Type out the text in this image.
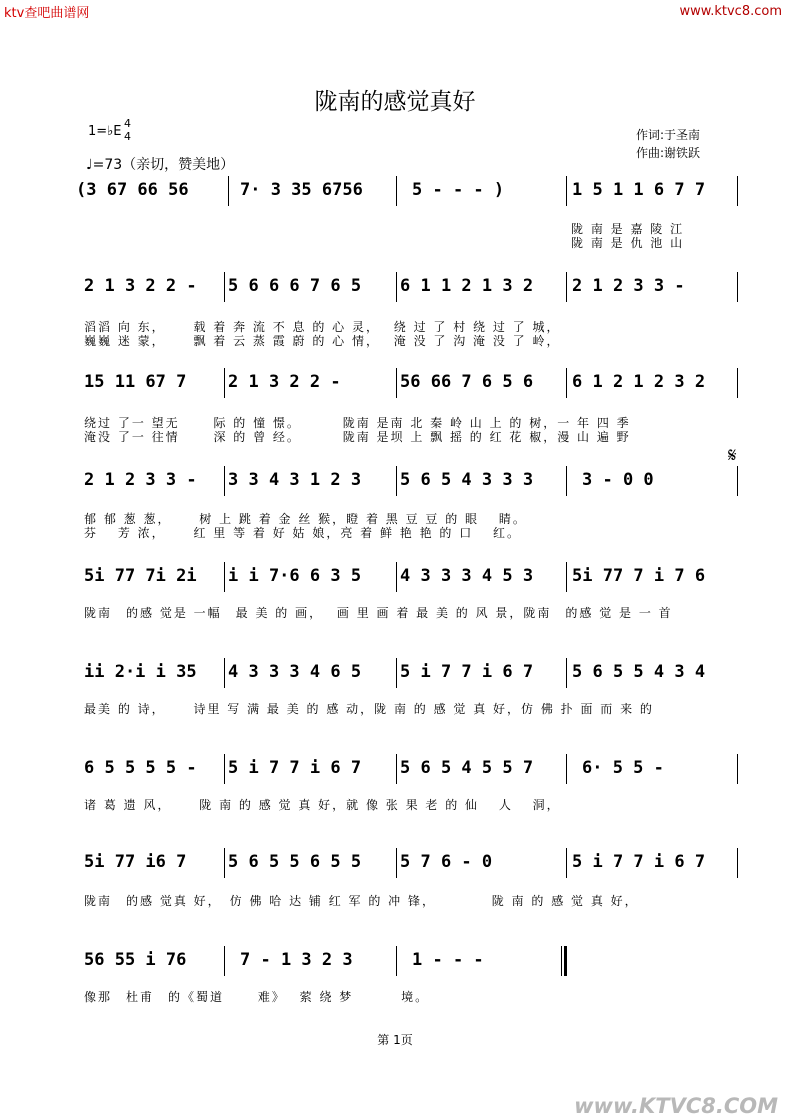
ktv查吧曲谱网	www.ktvc8.com
陇南的感觉真好
1=♭E
4
4
♩=73（亲切，赞美地）
作词:于圣南
作曲:谢铁跃
𝄋
(3 67 66 56	7· 3 35 6756	5 - - - )	1 5 1 1 6 7 7
陇 南 是 嘉 陵 江
陇 南 是 仇 池 山
2 1 3 2 2 - 5 6 6 6 7 6 5 6 1 1 2 1 3 2 2 1 2 3 3 -
滔滔 向 东，　　 载 着 奔 流 不 息 的 心 灵，　 绕 过 了 村 绕 过 了 城，
巍巍 迷 蒙，　　 飘 着 云 蒸 霞 蔚 的 心 情，　 淹 没 了 沟 淹 没 了 岭，
15 11 67 7 2 1 3 2 2 -	56 66 7 6 5 6 6 1 2 1 2 3 2
绕过 了一 望无　　 际 的 憧 憬。　　　 陇南 是南 北 秦 岭 山 上 的 树，一 年 四 季
淹没 了一 往情　　 深 的 曾 经。　　　 陇南 是坝 上 飘 摇 的 红 花 椒，漫 山 遍 野
2 1 2 3 3 - 3 3 4 3 1 2 3 5 6 5 4 3 3 3	3 - 0 0
郁 郁 葱 葱，　　 树 上 跳 着 金 丝 猴，瞪 着 黑 豆 豆 的 眼　 睛。
芬　 芳 浓，　　 红 里 等 着 好 姑 娘，亮 着 鲜 艳 艳 的 口　 红。
5i 77 7i 2i i i 7·6 6 3 5 4 3 3 3 4 5 3 5i 77 7 i 7 6
陇南　的感 觉是 一幅　最 美 的 画，　 画 里 画 着 最 美 的 风 景，陇南　的感 觉 是 一 首
ii 2·i i 35 4 3 3 3 4 6 5 5 i 7 7 i 6 7 5 6 5 5 4 3 4
最美 的 诗，　　 诗里 写 满 最 美 的 感 动，陇 南 的 感 觉 真 好，仿 佛 扑 面 而 来 的
6 5 5 5 5 - 5 i 7 7 i 6 7 5 6 5 4 5 5 7	6· 5 5 -
诸 葛 遗 风，　　 陇 南 的 感 觉 真 好，就 像 张 果 老 的 仙　 人　 洞，
5i 77 i6 7 5 6 5 5 6 5 5 5 7 6 - 0	5 i 7 7 i 6 7
陇南　的感 觉真 好，　仿 佛 哈 达 铺 红 军 的 冲 锋，　　　　 陇 南 的 感 觉 真 好，
56 55 i 76	7 - 1 3 2 3	1 - - -
像那　杜甫　的《蜀道　　 难》　 萦 绕 梦　　　 境。
第 1页
www.KTVC8.COM
